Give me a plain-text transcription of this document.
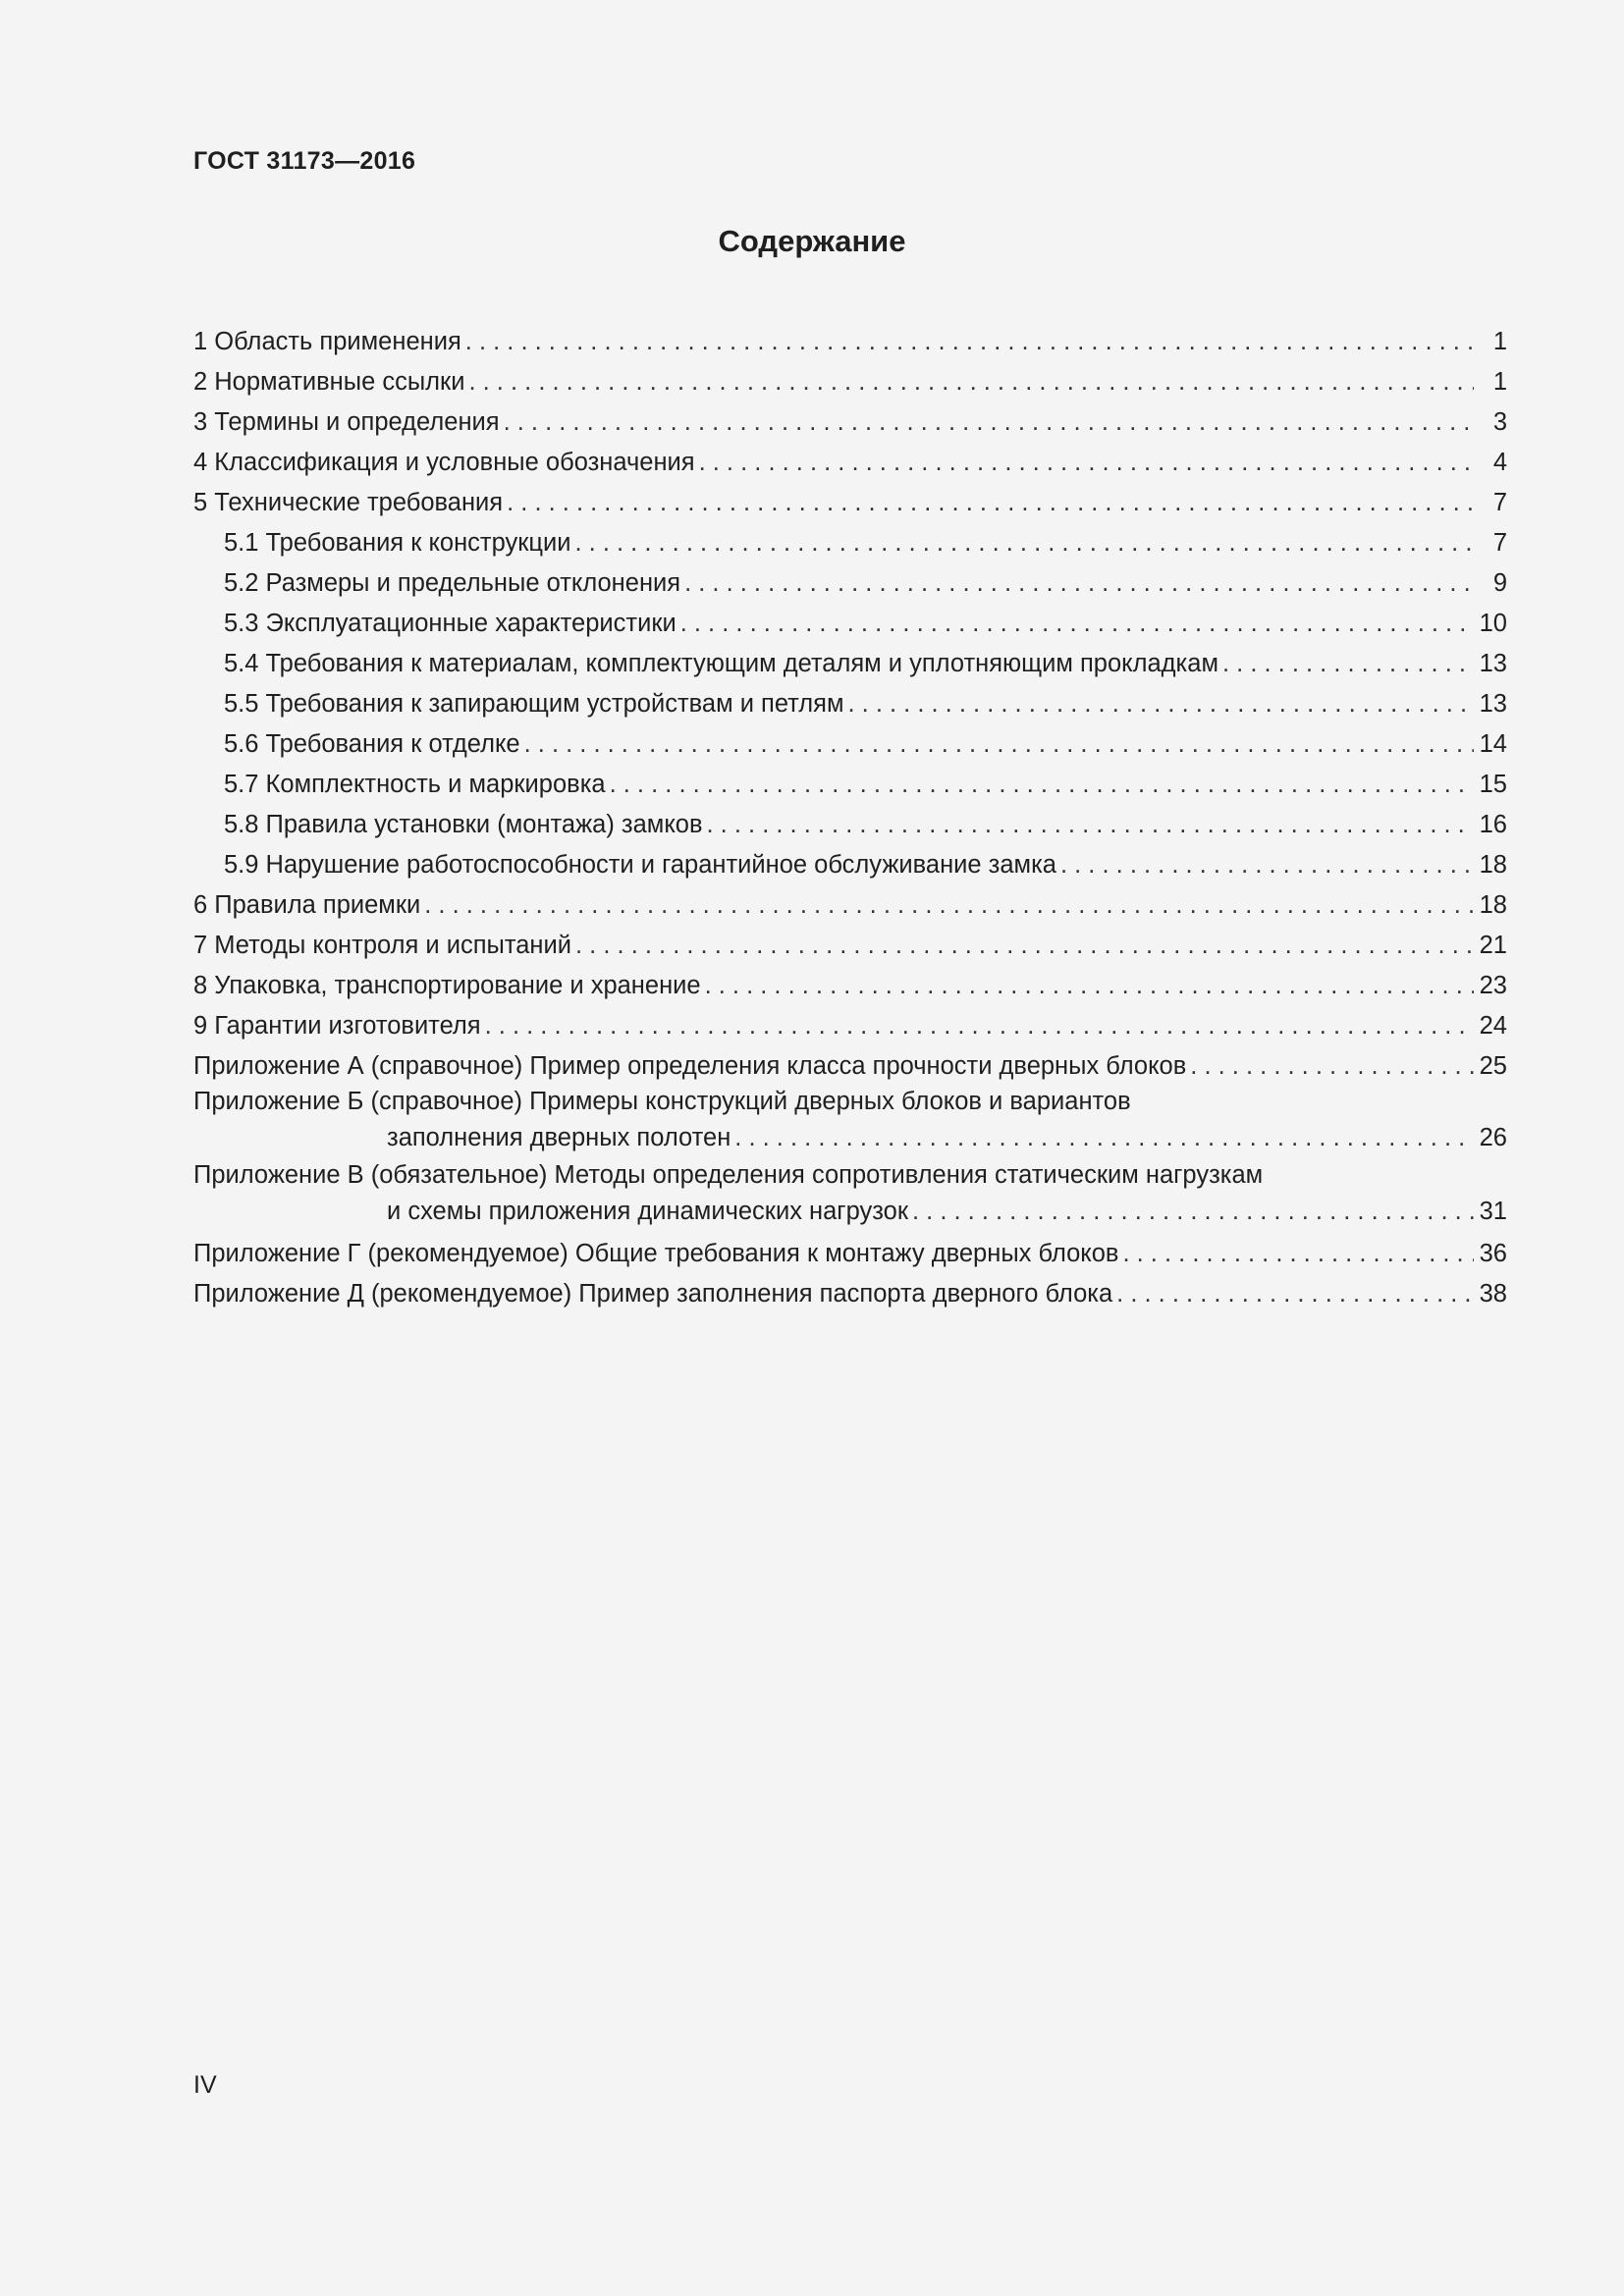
ГОСТ 31173—2016
Содержание
1 Область применения . . .	1
2 Нормативные ссылки . . .	1
3 Термины и определения . . .	3
4 Классификация и условные обозначения . . .	4
5 Технические требования . . .	7
5.1 Требования к конструкции . . .	7
5.2 Размеры и предельные отклонения . . .	9
5.3 Эксплуатационные характеристики . . .	10
5.4 Требования к материалам, комплектующим деталям и уплотняющим прокладкам . . .	13
5.5 Требования к запирающим устройствам и петлям . . .	13
5.6 Требования к отделке . . .	14
5.7 Комплектность и маркировка . . .	15
5.8 Правила установки (монтажа) замков . . .	16
5.9 Нарушение работоспособности и гарантийное обслуживание замка . . .	18
6 Правила приемки . . .	18
7 Методы контроля и испытаний . . .	21
8 Упаковка, транспортирование и хранение . . .	23
9 Гарантии изготовителя . . .	24
Приложение А (справочное) Пример определения класса прочности дверных блоков . . .	25
Приложение Б (справочное) Примеры конструкций дверных блоков и вариантов
заполнения дверных полотен . . .	26
Приложение В (обязательное) Методы определения сопротивления статическим нагрузкам
и схемы приложения динамических нагрузок . . .	31
Приложение Г (рекомендуемое) Общие требования к монтажу дверных блоков . . .	36
Приложение Д (рекомендуемое) Пример заполнения паспорта дверного блока . . .	38
IV
